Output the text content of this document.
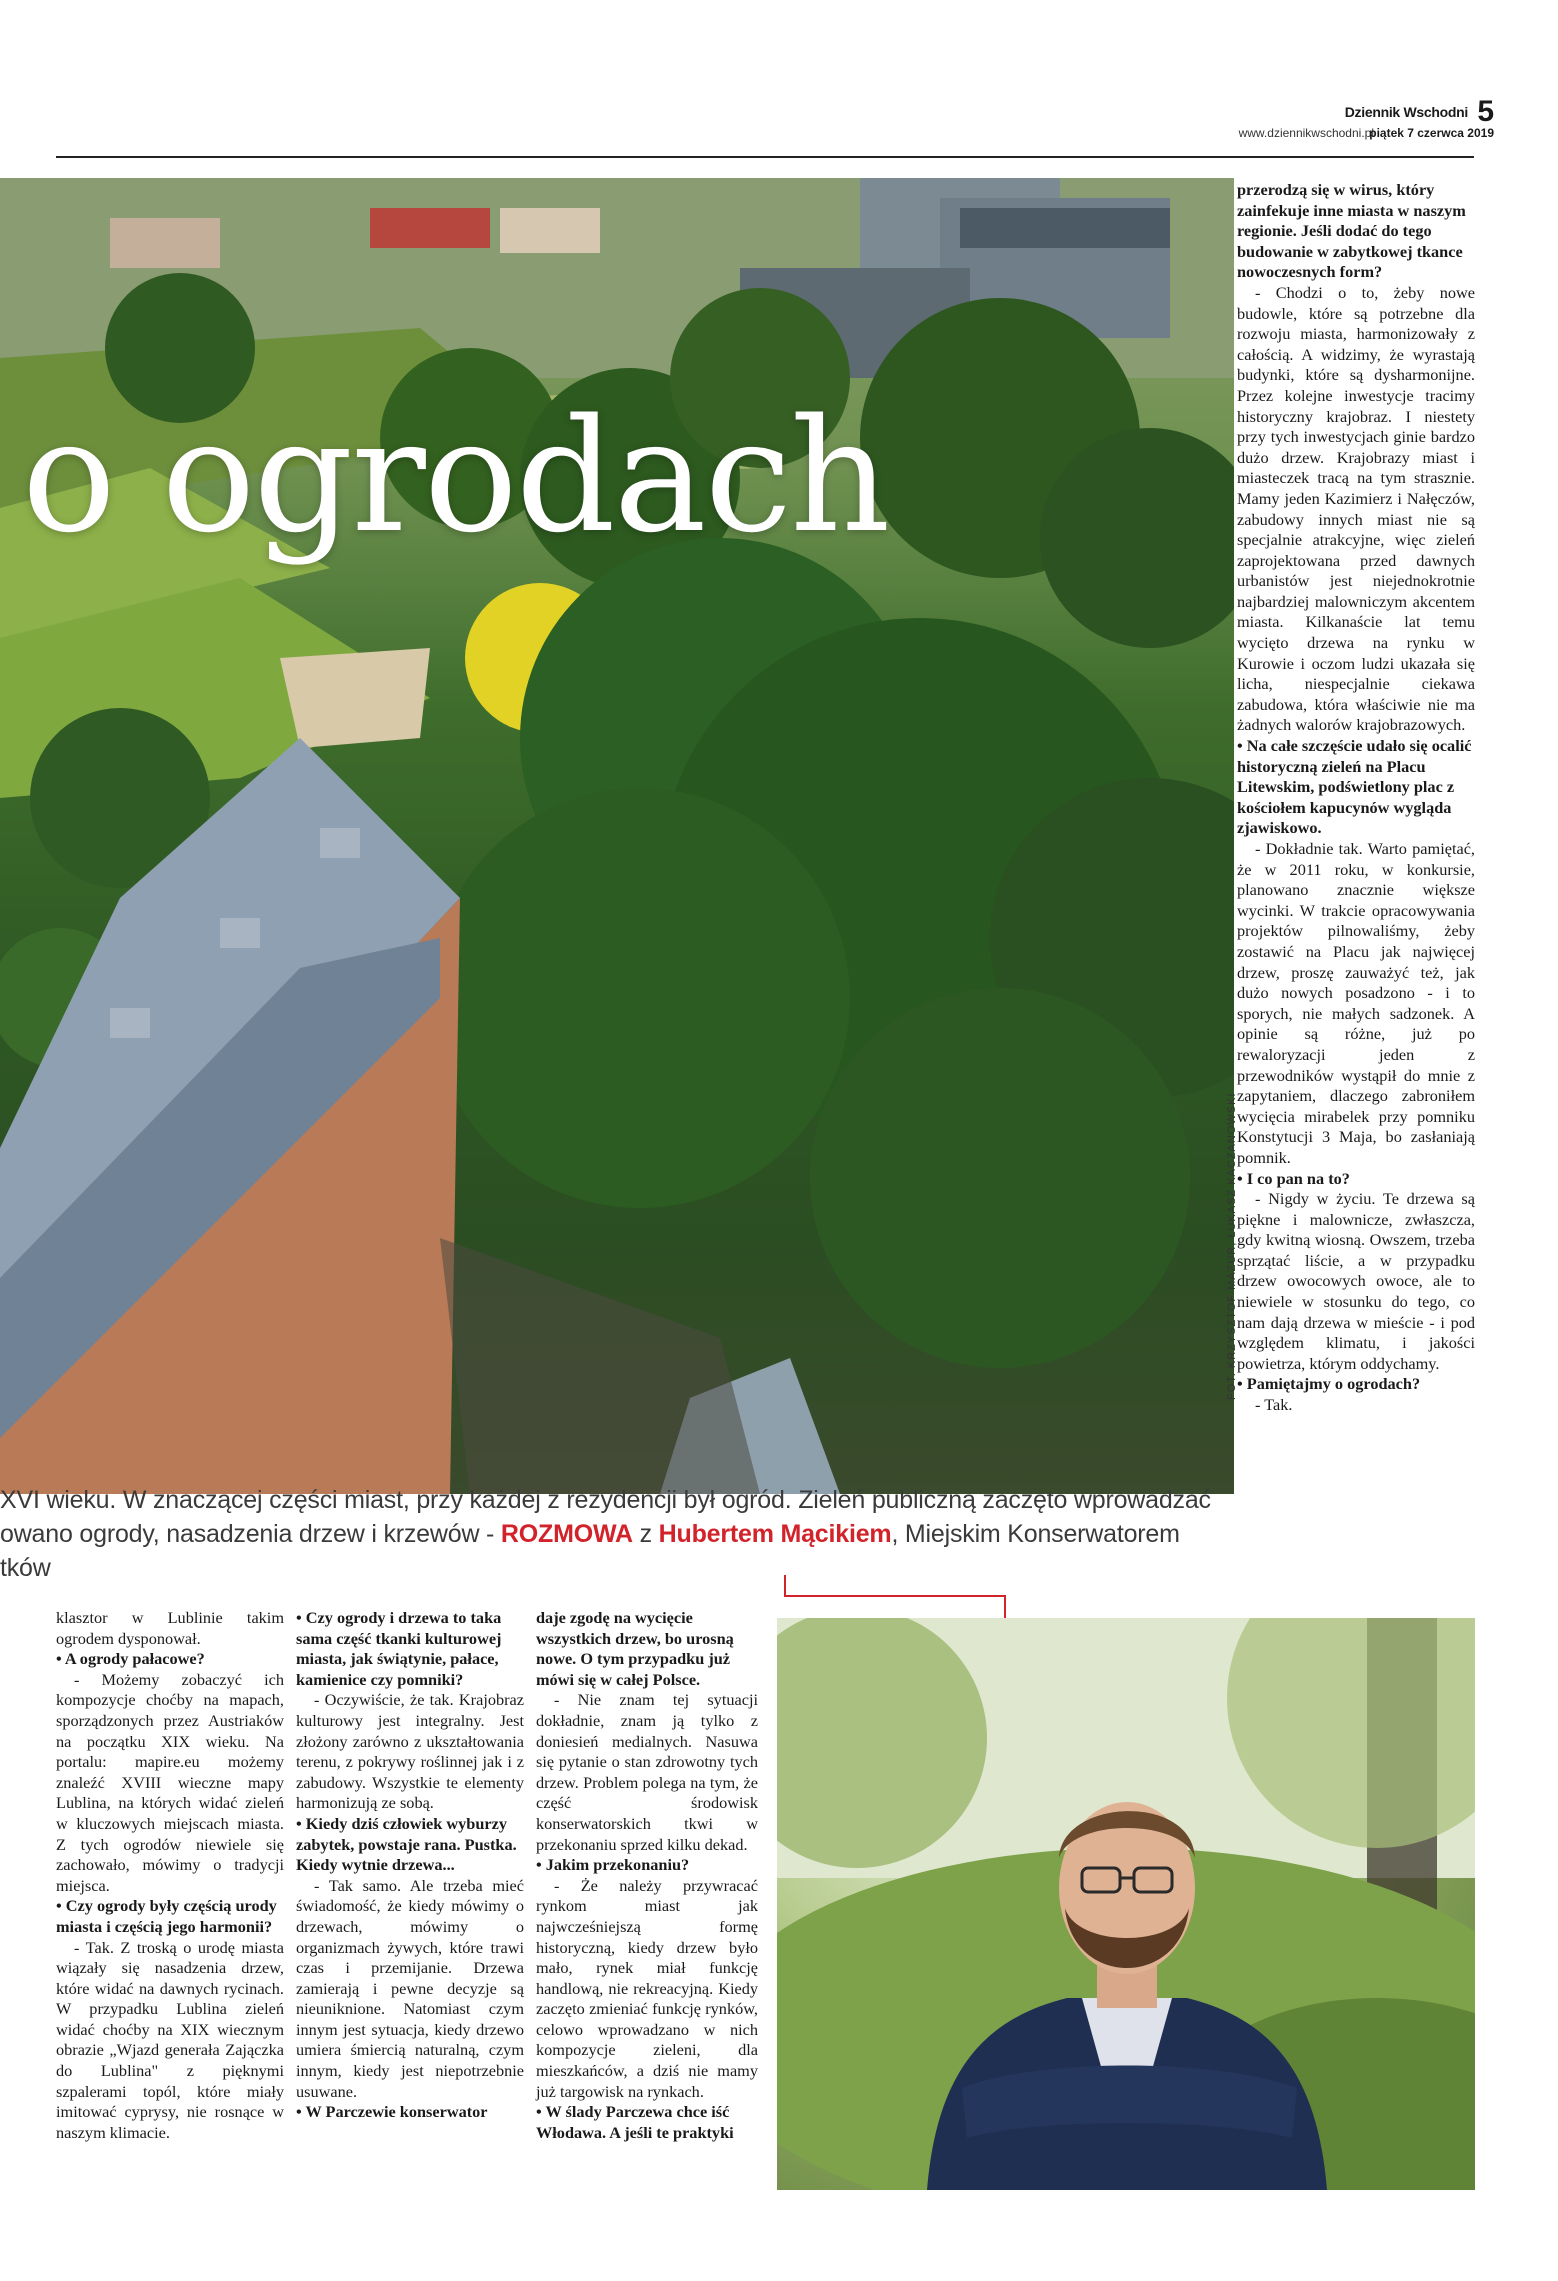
Dziennik Wschodni 5
www.dziennikwschodni.pl
piątek 7 czerwca 2019
o ogrodach
FOT. KRZYSZTOF MAZUR, ŁUKASZ KACZANOWSKI
XVI wieku. W znaczącej części miast, przy każdej z rezydencji był ogród. Zieleń publiczną zaczęto wprowadzać
owano ogrody, nasadzenia drzew i krzewów - ROZMOWA z Hubertem Mącikiem, Miejskim Konserwatorem
tków

przerodzą się w wirus, który zainfekuje inne miasta w naszym regionie. Jeśli dodać do tego budowanie w zabytkowej tkance nowoczesnych form?

- Chodzi o to, żeby nowe budowle, które są potrzebne dla rozwoju miasta, harmonizowały z całością. A widzimy, że wyrastają budynki, które są dysharmonijne. Przez kolejne inwestycje tracimy historyczny krajobraz. I niestety przy tych inwestycjach ginie bardzo dużo drzew. Krajobrazy miast i miasteczek tracą na tym strasznie. Mamy jeden Kazimierz i Nałęczów, zabudowy innych miast nie są specjalnie atrakcyjne, więc zieleń zaprojektowana przed dawnych urbanistów jest niejednokrotnie najbardziej malowniczym akcentem miasta. Kilkanaście lat temu wycięto drzewa na rynku w Kurowie i oczom ludzi ukazała się licha, niespecjalnie ciekawa zabudowa, która właściwie nie ma żadnych walorów krajobrazowych.

• Na całe szczęście udało się ocalić historyczną zieleń na Placu Litewskim, podświetlony plac z kościołem kapucynów wygląda zjawiskowo.

- Dokładnie tak. Warto pamiętać, że w 2011 roku, w konkursie, planowano znacznie większe wycinki. W trakcie opracowywania projektów pilnowaliśmy, żeby zostawić na Placu jak najwięcej drzew, proszę zauważyć też, jak dużo nowych posadzono - i to sporych, nie małych sadzonek. A opinie są różne, już po rewaloryzacji jeden z przewodników wystąpił do mnie z zapytaniem, dlaczego zabroniłem wycięcia mirabelek przy pomniku Konstytucji 3 Maja, bo zasłaniają pomnik.

• I co pan na to?

- Nigdy w życiu. Te drzewa są piękne i malownicze, zwłaszcza, gdy kwitną wiosną. Owszem, trzeba sprzątać liście, a w przypadku drzew owocowych owoce, ale to niewiele w stosunku do tego, co nam dają drzewa w mieście - i pod względem klimatu, i jakości powietrza, którym oddychamy.

• Pamiętajmy o ogrodach?

- Tak.

klasztor w Lublinie takim ogrodem dysponował.

• A ogrody pałacowe?

- Możemy zobaczyć ich kompozycje choćby na mapach, sporządzonych przez Austriaków na początku XIX wieku. Na portalu: mapire.eu możemy znaleźć XVIII wieczne mapy Lublina, na których widać zieleń w kluczowych miejscach miasta. Z tych ogrodów niewiele się zachowało, mówimy o tradycji miejsca.

• Czy ogrody były częścią urody miasta i częścią jego harmonii?

- Tak. Z troską o urodę miasta wiązały się nasadzenia drzew, które widać na dawnych rycinach. W przypadku Lublina zieleń widać choćby na XIX wiecznym obrazie „Wjazd generała Zajączka do Lublina" z pięknymi szpalerami topól, które miały imitować cyprysy, nie rosnące w naszym klimacie.

• Czy ogrody i drzewa to taka sama część tkanki kulturowej miasta, jak świątynie, pałace, kamienice czy pomniki?

- Oczywiście, że tak. Krajobraz kulturowy jest integralny. Jest złożony zarówno z ukształtowania terenu, z pokrywy roślinnej jak i z zabudowy. Wszystkie te elementy harmonizują ze sobą.

• Kiedy dziś człowiek wyburzy zabytek, powstaje rana. Pustka. Kiedy wytnie drzewa...

- Tak samo. Ale trzeba mieć świadomość, że kiedy mówimy o drzewach, mówimy o organizmach żywych, które trawi czas i przemijanie. Drzewa zamierają i pewne decyzje są nieuniknione. Natomiast czym innym jest sytuacja, kiedy drzewo umiera śmiercią naturalną, czym innym, kiedy jest niepotrzebnie usuwane.

• W Parczewie konserwator

daje zgodę na wycięcie wszystkich drzew, bo urosną nowe. O tym przypadku już mówi się w całej Polsce.

- Nie znam tej sytuacji dokładnie, znam ją tylko z doniesień medialnych. Nasuwa się pytanie o stan zdrowotny tych drzew. Problem polega na tym, że część środowisk konserwatorskich tkwi w przekonaniu sprzed kilku dekad.

• Jakim przekonaniu?

- Że należy przywracać rynkom miast jak najwcześniejszą formę historyczną, kiedy drzew było mało, rynek miał funkcję handlową, nie rekreacyjną. Kiedy zaczęto zmieniać funkcję rynków, celowo wprowadzano w nich kompozycje zieleni, dla mieszkańców, a dziś nie mamy już targowisk na rynkach.

• W ślady Parczewa chce iść Włodawa. A jeśli te praktyki
